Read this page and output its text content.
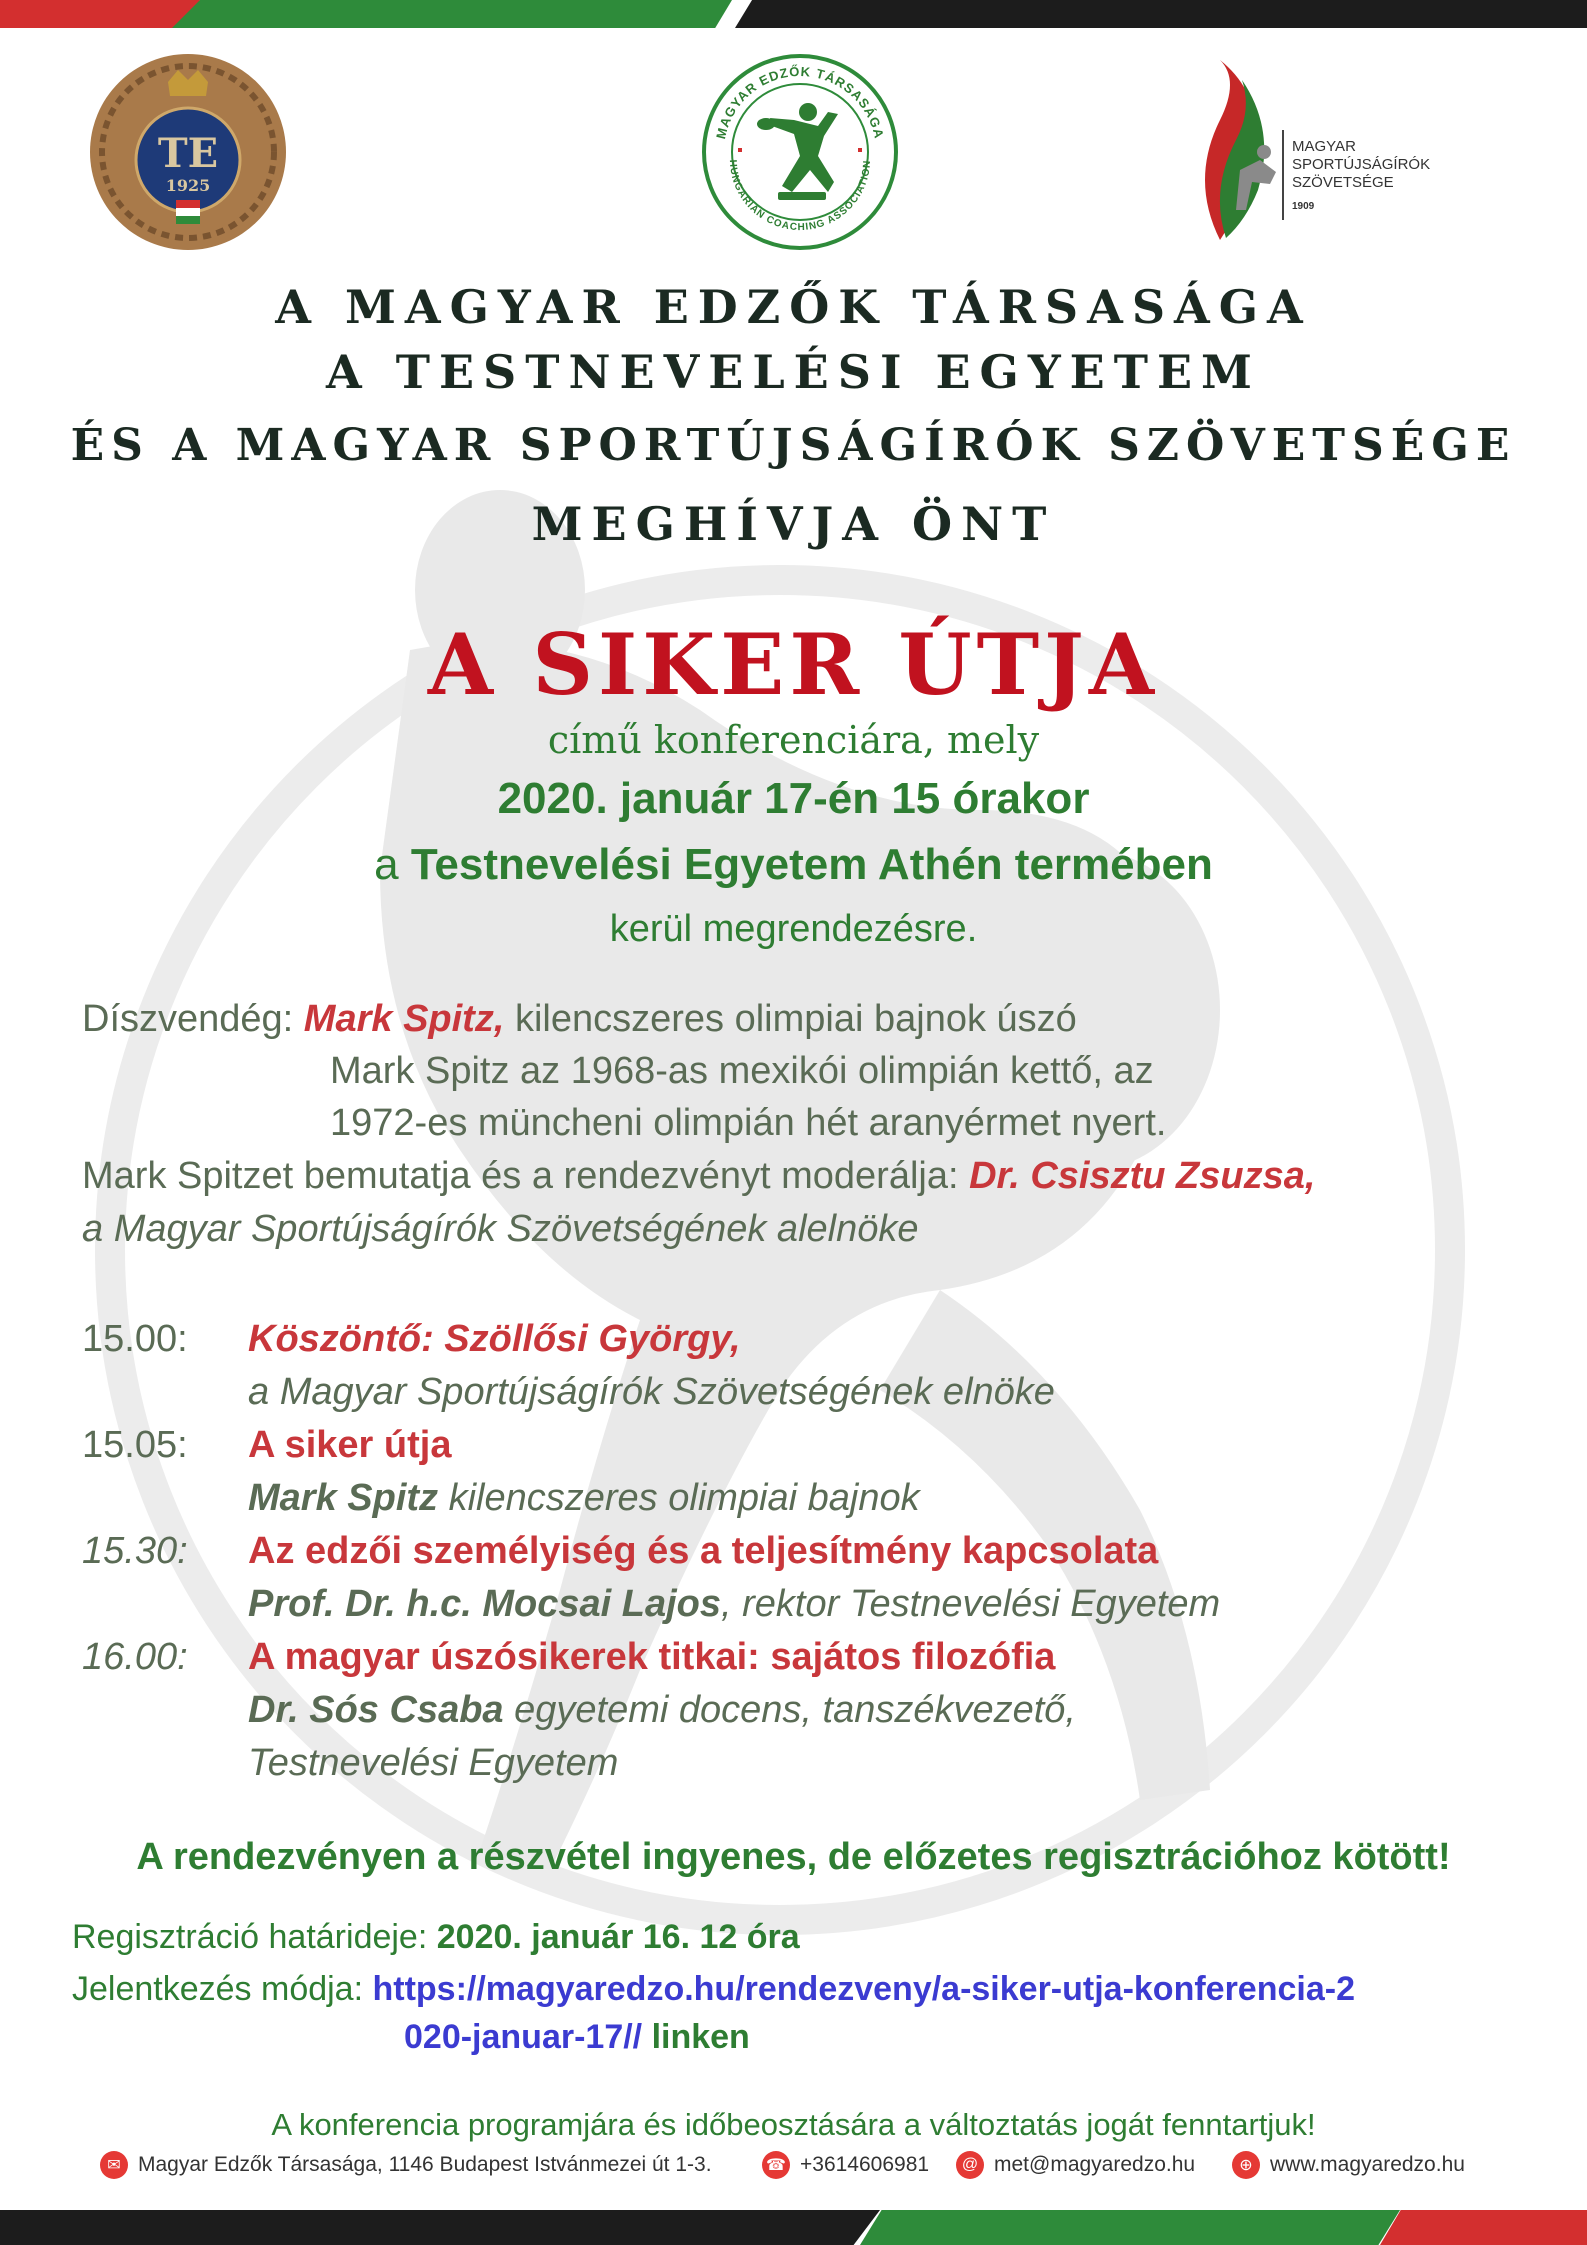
TE
1925
MAGYAR EDZŐK TÁRSASÁGA
HUNGARIAN COACHING ASSOCIATION
MAGYAR
SPORTÚJSÁGÍRÓK
SZÖVETSÉGE
1909
A MAGYAR EDZŐK TÁRSASÁGA
A TESTNEVELÉSI EGYETEM
ÉS A MAGYAR SPORTÚJSÁGÍRÓK SZÖVETSÉGE
MEGHÍVJA ÖNT
A SIKER ÚTJA
című konferenciára, mely
2020. január 17-én 15 órakor
a Testnevelési Egyetem Athén termében
kerül megrendezésre.
Díszvendég: Mark Spitz, kilencszeres olimpiai bajnok úszó
Mark Spitz az 1968-as mexikói olimpián kettő, az
1972-es müncheni olimpián hét aranyérmet nyert.
Mark Spitzet bemutatja és a rendezvényt moderálja: Dr. Csisztu Zsuzsa,
a Magyar Sportújságírók Szövetségének alelnöke
15.00: Köszöntő: Szöllősi György,
a Magyar Sportújságírók Szövetségének elnöke
15.05: A siker útja
Mark Spitz kilencszeres olimpiai bajnok
15.30: Az edzői személyiség és a teljesítmény kapcsolata
Prof. Dr. h.c. Mocsai Lajos, rektor Testnevelési Egyetem
16.00: A magyar úszósikerek titkai: sajátos filozófia
Dr. Sós Csaba egyetemi docens, tanszékvezető,
Testnevelési Egyetem
A rendezvényen a részvétel ingyenes, de előzetes regisztrációhoz kötött!
Regisztráció határideje: 2020. január 16. 12 óra
Jelentkezés módja: https://magyaredzo.hu/rendezveny/a-siker-utja-konferencia-2
020-januar-17// linken
A konferencia programjára és időbeosztására a változtatás jogát fenntartjuk!
✉ Magyar Edzők Társasága, 1146 Budapest Istvánmezei út 1-3.	☎ +3614606981	@ met@magyaredzo.hu	⊕ www.magyaredzo.hu
